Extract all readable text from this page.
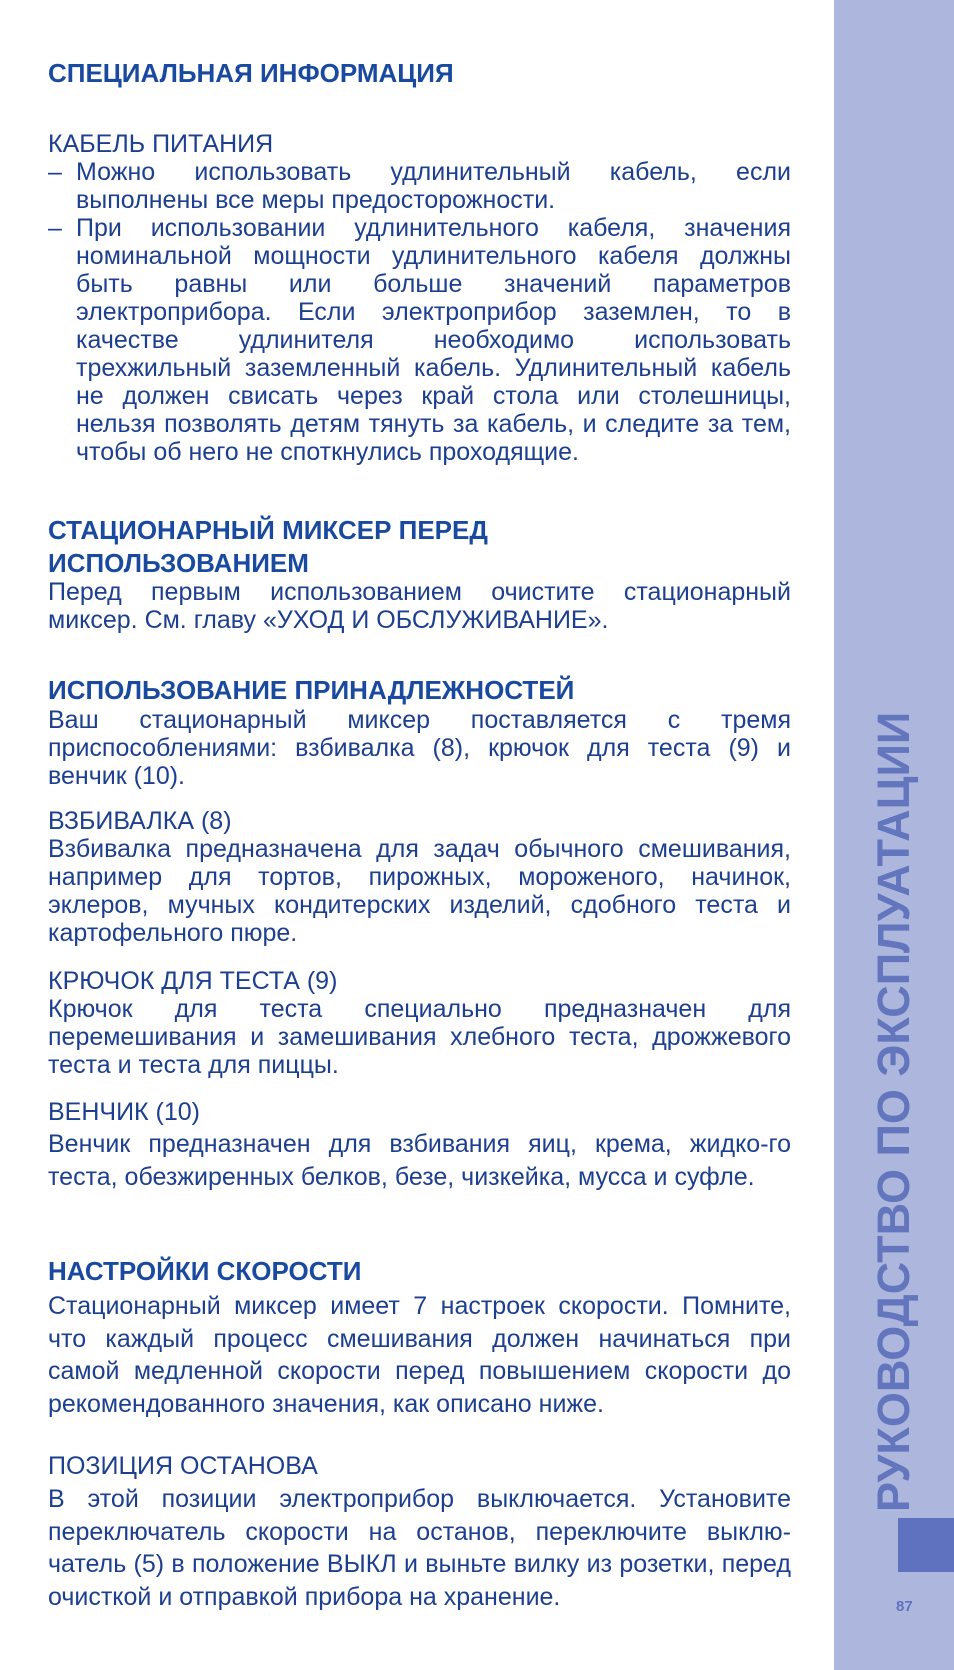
СПЕЦИАЛЬНАЯ ИНФОРМАЦИЯ
КАБЕЛЬ ПИТАНИЯ
– Можно использовать удлинительный кабель, если выполнены все меры предосторожности.
– При использовании удлинительного кабеля, значения номинальной мощности удлинительного кабеля должны быть равны или больше значений параметров электроприбора. Если электроприбор заземлен, то в качестве удлинителя необходимо использовать трехжильный заземленный кабель. Удлинительный кабель не должен свисать через край стола или столешницы, нельзя позволять детям тянуть за кабель, и следите за тем, чтобы об него не споткнулись проходящие.
СТАЦИОНАРНЫЙ МИКСЕР ПЕРЕД
ИСПОЛЬЗОВАНИЕМ
Перед первым использованием очистите стационарный миксер. См. главу «УХОД И ОБСЛУЖИВАНИЕ».
ИСПОЛЬЗОВАНИЕ ПРИНАДЛЕЖНОСТЕЙ
Ваш стационарный миксер поставляется с тремя приспособлениями: взбивалка (8), крючок для теста (9) и венчик (10).
ВЗБИВАЛКА (8)
Взбивалка предназначена для задач обычного смешивания, например для тортов, пирожных, мороженого, начинок, эклеров, мучных кондитерских изделий, сдобного теста и картофельного пюре.
КРЮЧОК ДЛЯ ТЕСТА (9)
Крючок для теста специально предназначен для перемешивания и замешивания хлебного теста, дрожжевого теста и теста для пиццы.
ВЕНЧИК (10)
Венчик предназначен для взбивания яиц, крема, жидко-го теста, обезжиренных белков, безе, чизкейка, мусса и суфле.
НАСТРОЙКИ СКОРОСТИ
Стационарный миксер имеет 7 настроек скорости. Помните, что каждый процесс смешивания должен начинаться при самой медленной скорости перед повышением скорости до рекомендованного значения, как описано ниже.
ПОЗИЦИЯ ОСТАНОВА
В этой позиции электроприбор выключается. Установите переключатель скорости на останов, переключите выклю-чатель (5) в положение ВЫКЛ и выньте вилку из розетки, перед очисткой и отправкой прибора на хранение.
РУКОВОДСТВО ПО ЭКСПЛУАТАЦИИ
87
